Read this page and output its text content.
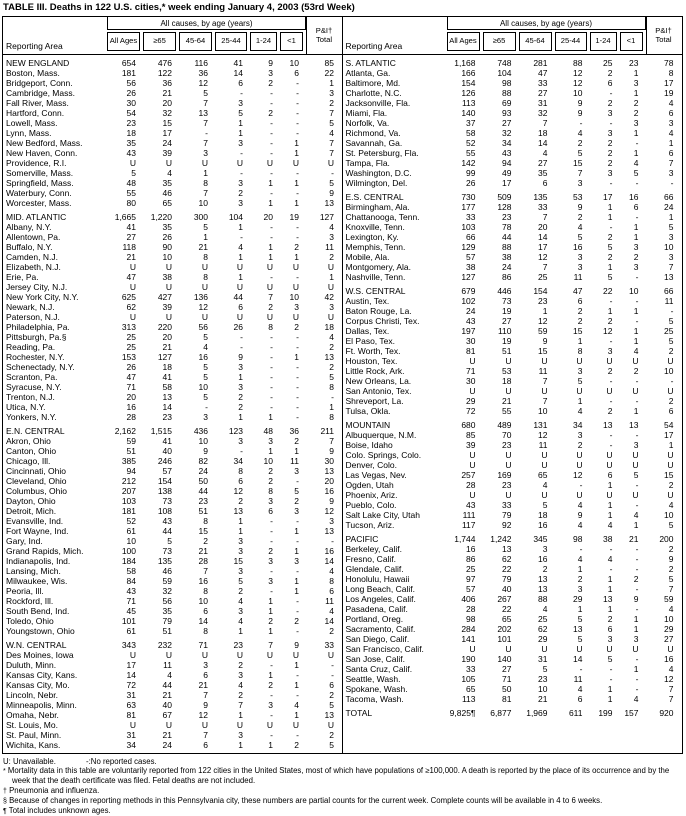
TABLE III. Deaths in 122 U.S. cities,* week ending January 4, 2003 (53rd Week)
Reporting Area
All causes, by age (years)
All Ages	≥65	45-64	25-44	1-24	<1
P&I† Total
NEW ENGLAND	654	476	116	41	9	10	85
Boston, Mass.	181	122	36	14	3	6	22
Bridgeport, Conn.	56	36	12	6	2	-	1
Cambridge, Mass.	26	21	5	-	-	-	3
Fall River, Mass.	30	20	7	3	-	-	2
Hartford, Conn.	54	32	13	5	2	-	7
Lowell, Mass.	23	15	7	1	-	-	5
Lynn, Mass.	18	17	-	1	-	-	4
New Bedford, Mass.	35	24	7	3	-	1	7
New Haven, Conn.	43	39	3	-	-	1	7
Providence, R.I.	U	U	U	U	U	U	U
Somerville, Mass.	5	4	1	-	-	-	-
Springfield, Mass.	48	35	8	3	1	1	5
Waterbury, Conn.	55	46	7	2	-	-	9
Worcester, Mass.	80	65	10	3	1	1	13
MID. ATLANTIC	1,665	1,220	300	104	20	19	127
Albany, N.Y.	41	35	5	1	-	-	4
Allentown, Pa.	27	26	1	-	-	-	3
Buffalo, N.Y.	118	90	21	4	1	2	11
Camden, N.J.	21	10	8	1	1	1	2
Elizabeth, N.J.	U	U	U	U	U	U	U
Erie, Pa.	47	38	8	1	-	-	1
Jersey City, N.J.	U	U	U	U	U	U	U
New York City, N.Y.	625	427	136	44	7	10	42
Newark, N.J.	62	39	12	6	2	3	3
Paterson, N.J.	U	U	U	U	U	U	U
Philadelphia, Pa.	313	220	56	26	8	2	18
Pittsburgh, Pa.§	25	20	5	-	-	-	4
Reading, Pa.	25	21	4	-	-	-	2
Rochester, N.Y.	153	127	16	9	-	1	13
Schenectady, N.Y.	26	18	5	3	-	-	2
Scranton, Pa.	47	41	5	1	-	-	5
Syracuse, N.Y.	71	58	10	3	-	-	8
Trenton, N.J.	20	13	5	2	-	-	-
Utica, N.Y.	16	14	-	2	-	-	1
Yonkers, N.Y.	28	23	3	1	1	-	8
E.N. CENTRAL	2,162	1,515	436	123	48	36	211
Akron, Ohio	59	41	10	3	3	2	7
Canton, Ohio	51	40	9	-	1	1	9
Chicago, Ill.	385	246	82	34	10	11	30
Cincinnati, Ohio	94	57	24	8	2	3	13
Cleveland, Ohio	212	154	50	6	2	-	20
Columbus, Ohio	207	138	44	12	8	5	16
Dayton, Ohio	103	73	23	2	3	2	9
Detroit, Mich.	181	108	51	13	6	3	12
Evansville, Ind.	52	43	8	1	-	-	3
Fort Wayne, Ind.	61	44	15	1	-	1	13
Gary, Ind.	10	5	2	3	-	-	-
Grand Rapids, Mich.	100	73	21	3	2	1	16
Indianapolis, Ind.	184	135	28	15	3	3	14
Lansing, Mich.	58	46	7	3	-	-	4
Milwaukee, Wis.	84	59	16	5	3	1	8
Peoria, Ill.	43	32	8	2	-	1	6
Rockford, Ill.	71	56	10	4	1	-	11
South Bend, Ind.	45	35	6	3	1	-	4
Toledo, Ohio	101	79	14	4	2	2	14
Youngstown, Ohio	61	51	8	1	1	-	2
W.N. CENTRAL	343	232	71	23	7	9	33
Des Moines, Iowa	U	U	U	U	U	U	U
Duluth, Minn.	17	11	3	2	-	1	-
Kansas City, Kans.	14	4	6	3	1	-	-
Kansas City, Mo.	72	44	21	4	2	1	6
Lincoln, Nebr.	31	21	7	2	-	-	2
Minneapolis, Minn.	63	40	9	7	3	4	5
Omaha, Nebr.	81	67	12	1	-	1	13
St. Louis, Mo.	U	U	U	U	U	U	U
St. Paul, Minn.	31	21	7	3	-	-	2
Wichita, Kans.	34	24	6	1	1	2	5
Reporting Area
All causes, by age (years)
All Ages	≥65	45-64	25-44	1-24	<1
P&I† Total
S. ATLANTIC	1,168	748	281	88	25	23	78
Atlanta, Ga.	166	104	47	12	2	1	8
Baltimore, Md.	154	98	33	12	6	3	17
Charlotte, N.C.	126	88	27	10	-	1	19
Jacksonville, Fla.	113	69	31	9	2	2	4
Miami, Fla.	140	93	32	9	3	2	6
Norfolk, Va.	37	27	7	-	-	3	3
Richmond, Va.	58	32	18	4	3	1	4
Savannah, Ga.	52	34	14	2	2	-	1
St. Petersburg, Fla.	55	43	4	5	2	1	6
Tampa, Fla.	142	94	27	15	2	4	7
Washington, D.C.	99	49	35	7	3	5	3
Wilmington, Del.	26	17	6	3	-	-	-
E.S. CENTRAL	730	509	135	53	17	16	66
Birmingham, Ala.	177	128	33	9	1	6	24
Chattanooga, Tenn.	33	23	7	2	1	-	1
Knoxville, Tenn.	103	78	20	4	-	1	5
Lexington, Ky.	66	44	14	5	2	1	3
Memphis, Tenn.	129	88	17	16	5	3	10
Mobile, Ala.	57	38	12	3	2	2	3
Montgomery, Ala.	38	24	7	3	1	3	7
Nashville, Tenn.	127	86	25	11	5	-	13
W.S. CENTRAL	679	446	154	47	22	10	66
Austin, Tex.	102	73	23	6	-	-	11
Baton Rouge, La.	24	19	1	2	1	1	-
Corpus Christi, Tex.	43	27	12	2	2	-	5
Dallas, Tex.	197	110	59	15	12	1	25
El Paso, Tex.	30	19	9	1	-	1	5
Ft. Worth, Tex.	81	51	15	8	3	4	2
Houston, Tex.	U	U	U	U	U	U	U
Little Rock, Ark.	71	53	11	3	2	2	10
New Orleans, La.	30	18	7	5	-	-	-
San Antonio, Tex.	U	U	U	U	U	U	U
Shreveport, La.	29	21	7	1	-	-	2
Tulsa, Okla.	72	55	10	4	2	1	6
MOUNTAIN	680	489	131	34	13	13	54
Albuquerque, N.M.	85	70	12	3	-	-	17
Boise, Idaho	39	23	11	2	-	3	1
Colo. Springs, Colo.	U	U	U	U	U	U	U
Denver, Colo.	U	U	U	U	U	U	U
Las Vegas, Nev.	257	169	65	12	6	5	15
Ogden, Utah	28	23	4	-	1	-	2
Phoenix, Ariz.	U	U	U	U	U	U	U
Pueblo, Colo.	43	33	5	4	1	-	4
Salt Lake City, Utah	111	79	18	9	1	4	10
Tucson, Ariz.	117	92	16	4	4	1	5
PACIFIC	1,744	1,242	345	98	38	21	200
Berkeley, Calif.	16	13	3	-	-	-	2
Fresno, Calif.	86	62	16	4	4	-	9
Glendale, Calif.	25	22	2	1	-	-	2
Honolulu, Hawaii	97	79	13	2	1	2	5
Long Beach, Calif.	57	40	13	3	1	-	7
Los Angeles, Calif.	406	267	88	29	13	9	59
Pasadena, Calif.	28	22	4	1	1	-	4
Portland, Oreg.	98	65	25	5	2	1	10
Sacramento, Calif.	284	202	62	13	6	1	29
San Diego, Calif.	141	101	29	5	3	3	27
San Francisco, Calif.	U	U	U	U	U	U	U
San Jose, Calif.	190	140	31	14	5	-	16
Santa Cruz, Calif.	33	27	5	-	-	1	4
Seattle, Wash.	105	71	23	11	-	-	12
Spokane, Wash.	65	50	10	4	1	-	7
Tacoma, Wash.	113	81	21	6	1	4	7
TOTAL	9,825¶	6,877	1,969	611	199	157	920
U: Unavailable.	-:No reported cases.
* Mortality data in this table are voluntarily reported from 122 cities in the United States, most of which have populations of ≥100,000. A death is reported by the place of its occurrence and by the week that the death certificate was filed. Fetal deaths are not included.
† Pneumonia and influenza.
§ Because of changes in reporting methods in this Pennsylvania city, these numbers are partial counts for the current week. Complete counts will be available in 4 to 6 weeks.
¶ Total includes unknown ages.
